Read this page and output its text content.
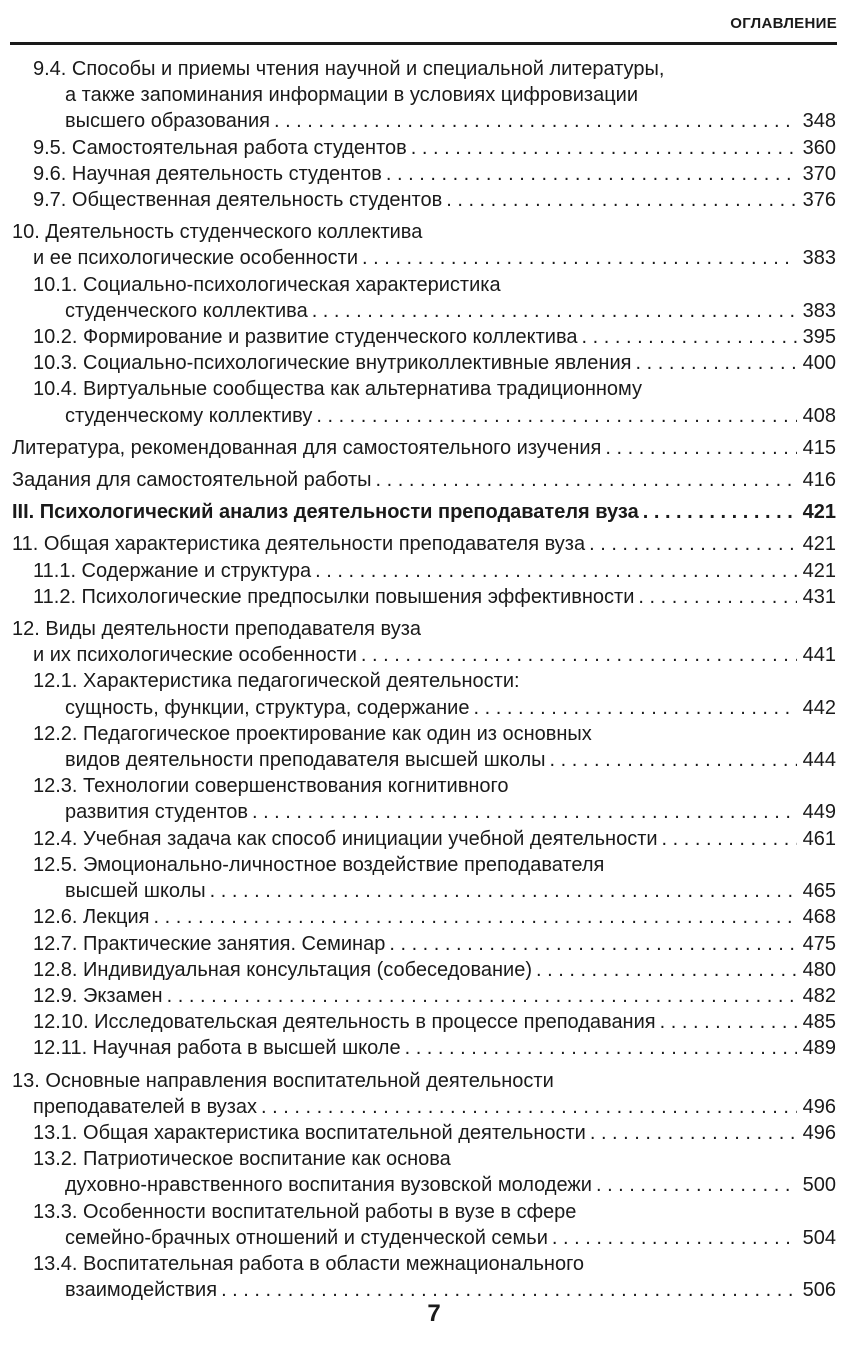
ОГЛАВЛЕНИЕ
9.4. Способы и приемы чтения научной и специальной литературы,
а также запоминания информации в условиях цифровизации
высшего образования . . .	348
9.5. Самостоятельная работа студентов . . .	360
9.6. Научная деятельность студентов . . .	370
9.7. Общественная деятельность студентов . . .	376
10. Деятельность студенческого коллектива
и ее психологические особенности . . .	383
10.1. Социально-психологическая характеристика
студенческого коллектива . . .	383
10.2. Формирование и развитие студенческого коллектива . . .	395
10.3. Социально-психологические внутриколлективные явления . . .	400
10.4. Виртуальные сообщества как альтернатива традиционному
студенческому коллективу . . .	408
Литература, рекомендованная для самостоятельного изучения . . .	415
Задания для самостоятельной работы . . .	416
III. Психологический анализ деятельности преподавателя вуза . . .	421
11. Общая характеристика деятельности преподавателя вуза . . .	421
11.1. Содержание и структура . . .	421
11.2. Психологические предпосылки повышения эффективности . . .	431
12. Виды деятельности преподавателя вуза
и их психологические особенности . . .	441
12.1. Характеристика педагогической деятельности:
сущность, функции, структура, содержание . . .	442
12.2. Педагогическое проектирование как один из основных
видов деятельности преподавателя высшей школы . . .	444
12.3. Технологии совершенствования когнитивного
развития студентов . . .	449
12.4. Учебная задача как способ инициации учебной деятельности . . .	461
12.5. Эмоционально-личностное воздействие преподавателя
высшей школы . . .	465
12.6. Лекция . . .	468
12.7. Практические занятия. Семинар . . .	475
12.8. Индивидуальная консультация (собеседование) . . .	480
12.9. Экзамен . . .	482
12.10. Исследовательская деятельность в процессе преподавания . . .	485
12.11. Научная работа в высшей школе . . .	489
13. Основные направления воспитательной деятельности
преподавателей в вузах . . .	496
13.1. Общая характеристика воспитательной деятельности . . .	496
13.2. Патриотическое воспитание как основа
духовно-нравственного воспитания вузовской молодежи . . .	500
13.3. Особенности воспитательной работы в вузе в сфере
семейно-брачных отношений и студенческой семьи . . .	504
13.4. Воспитательная работа в области межнационального
взаимодействия . . .	506
7
